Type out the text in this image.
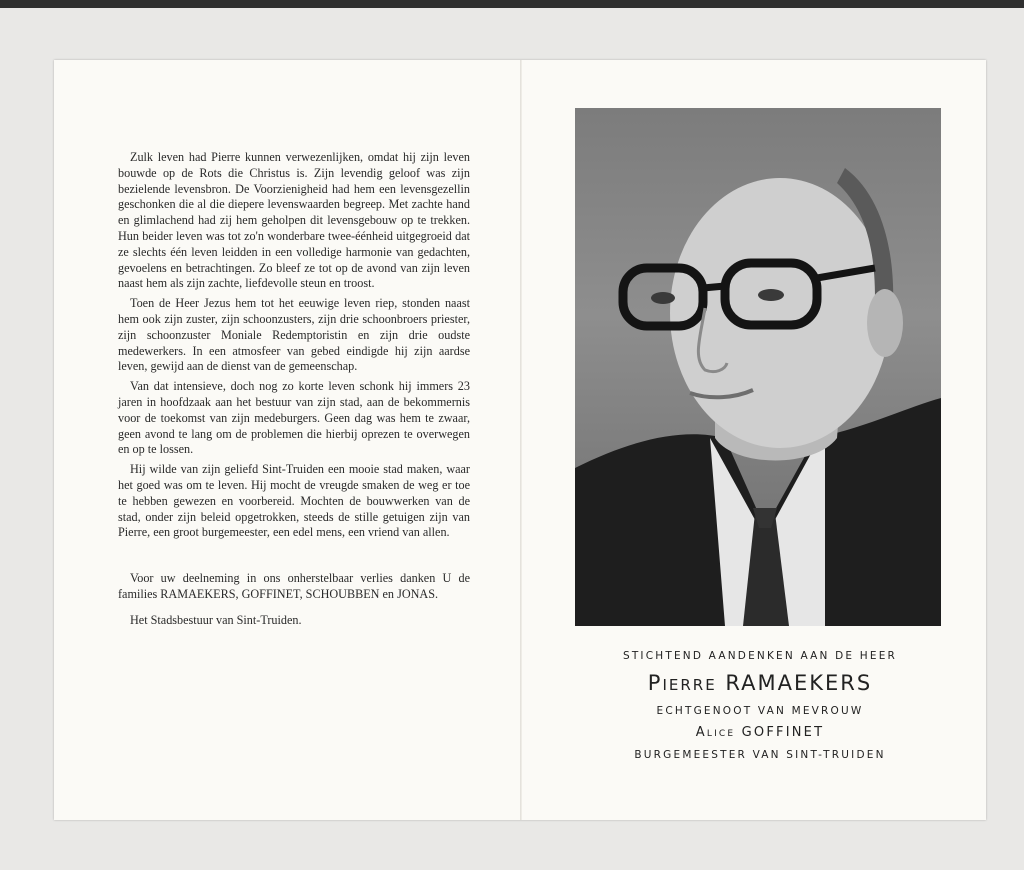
Zulk leven had Pierre kunnen verwezenlijken, omdat hij zijn leven bouwde op de Rots die Christus is. Zijn levendig geloof was zijn bezielende levensbron. De Voorzienigheid had hem een levensgezellin geschonken die al die diepere levenswaarden begreep. Met zachte hand en glimlachend had zij hem geholpen dit levensgebouw op te trekken. Hun beider leven was tot zo'n wonderbare twee-éénheid uitgegroeid dat ze slechts één leven leidden in een volledige harmonie van gedachten, gevoelens en betrachtingen. Zo bleef ze tot op de avond van zijn leven naast hem als zijn zachte, liefdevolle steun en troost.

Toen de Heer Jezus hem tot het eeuwige leven riep, stonden naast hem ook zijn zuster, zijn schoonzusters, zijn drie schoonbroers priester, zijn schoonzuster Moniale Redemptoristin en zijn drie oudste medewerkers. In een atmosfeer van gebed eindigde hij zijn aardse leven, gewijd aan de dienst van de gemeenschap.

Van dat intensieve, doch nog zo korte leven schonk hij immers 23 jaren in hoofdzaak aan het bestuur van zijn stad, aan de bekommernis voor de toekomst van zijn medeburgers. Geen dag was hem te zwaar, geen avond te lang om de problemen die hierbij oprezen te overwegen en op te lossen.

Hij wilde van zijn geliefd Sint-Truiden een mooie stad maken, waar het goed was om te leven. Hij mocht de vreugde smaken de weg er toe te hebben gewezen en voorbereid. Mochten de bouwwerken van de stad, onder zijn beleid opgetrokken, steeds de stille getuigen zijn van Pierre, een groot burgemeester, een edel mens, een vriend van allen.

Voor uw deelneming in ons onherstelbaar verlies danken U de families RAMAEKERS, GOFFINET, SCHOUBBEN en JONAS.

Het Stadsbestuur van Sint-Truiden.

STICHTEND AANDENKEN AAN DE HEER

Pierre RAMAEKERS

ECHTGENOOT VAN MEVROUW

Alice GOFFINET

BURGEMEESTER VAN SINT-TRUIDEN
